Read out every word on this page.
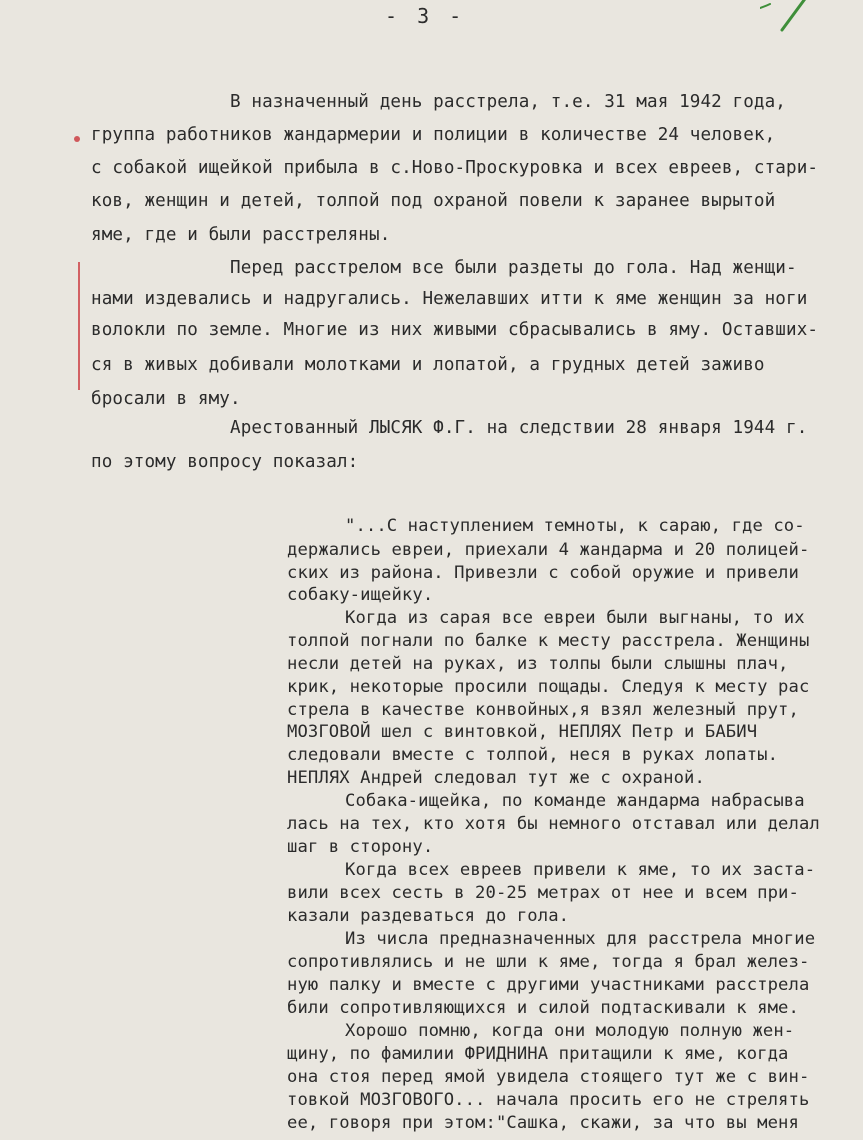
- 3 -
В назначенный день расстрела, т.е. 31 мая 1942 года,
группа работников жандармерии и полиции в количестве 24 человек,
с собакой ищейкой прибыла в с.Ново-Проскуровка и всех евреев, стари-
ков, женщин и детей, толпой под охраной повели к заранее вырытой
яме, где и были расстреляны.
Перед расстрелом все были раздеты до гола. Над женщи-
нами издевались и надругались. Нежелавших итти к яме женщин за ноги
волокли по земле. Многие из них живыми сбрасывались в яму. Оставших-
ся в живых добивали молотками и лопатой, а грудных детей заживо
бросали в яму.
Арестованный ЛЫСЯК Ф.Г. на следствии 28 января 1944 г.
по этому вопросу показал:
"...С наступлением темноты, к сараю, где со-
держались евреи, приехали 4 жандарма и 20 полицей-
ских из района. Привезли с собой оружие и привели
собаку-ищейку.
Когда из сарая все евреи были выгнаны, то их
толпой погнали по балке к месту расстрела. Женщины
несли детей на руках, из толпы были слышны плач,
крик, некоторые просили пощады. Следуя к месту рас
стрела в качестве конвойных,я взял железный прут,
МОЗГОВОЙ шел с винтовкой, НЕПЛЯХ Петр и БАБИЧ
следовали вместе с толпой, неся в руках лопаты.
НЕПЛЯХ Андрей следовал тут же с охраной.
Собака-ищейка, по команде жандарма набрасыва
лась на тех, кто хотя бы немного отставал или делал
шаг в сторону.
Когда всех евреев привели к яме, то их заста-
вили всех сесть в 20-25 метрах от нее и всем при-
казали раздеваться до гола.
Из числа предназначенных для расстрела многие
сопротивлялись и не шли к яме, тогда я брал желез-
ную палку и вместе с другими участниками расстрела
били сопротивляющихся и силой подтаскивали к яме.
Хорошо помню, когда они молодую полную жен-
щину, по фамилии ФРИДНИНА притащили к яме, когда
она стоя перед ямой увидела стоящего тут же с вин-
товкой МОЗГОВОГО... начала просить его не стрелять
ее, говоря при этом:"Сашка, скажи, за что вы меня
